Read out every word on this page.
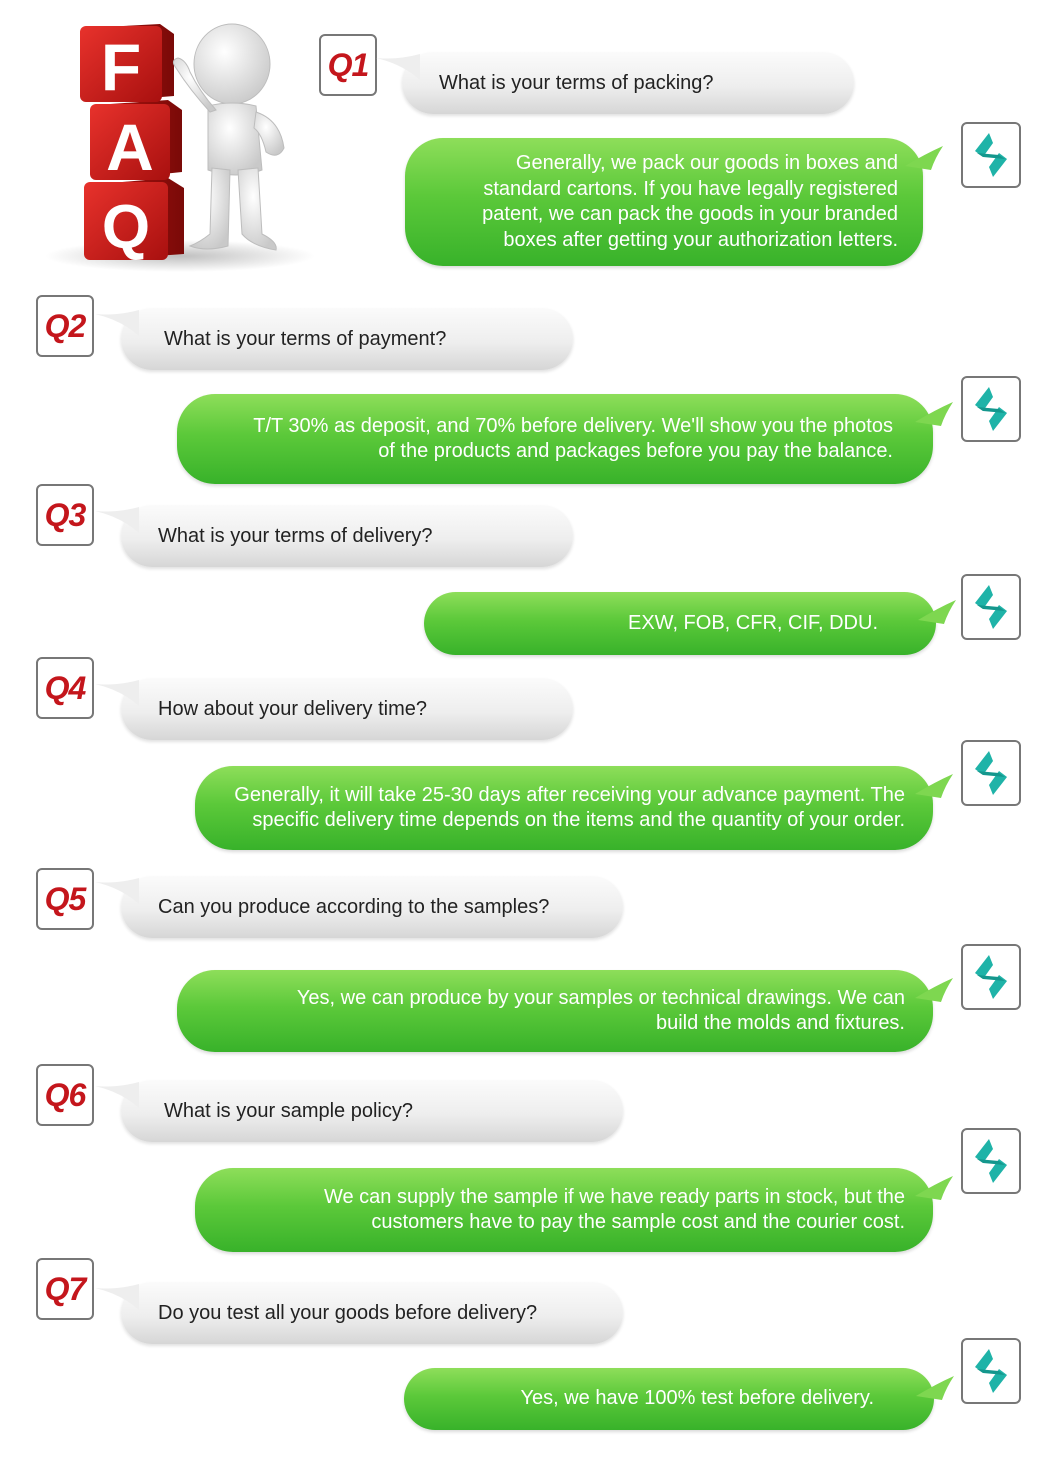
F
A
Q
Q1	What is your terms of packing?
Generally, we pack our goods in boxes and
standard cartons. If you have legally registered
patent, we can pack the goods in your branded
boxes after getting your authorization letters.
Q2	What is your terms of payment?
T/T 30% as deposit, and 70% before delivery. We'll show you the photos
of the products and packages before you pay the balance.
Q3
What is your terms of delivery?
EXW, FOB, CFR, CIF, DDU.
Q4
How about your delivery time?
Generally, it will take 25-30 days after receiving your advance payment. The
specific delivery time depends on the items and the quantity of your order.
Q5	Can you produce according to the samples?
Yes, we can produce by your samples or technical drawings. We can
build the molds and fixtures.
Q6	What is your sample policy?
We can supply the sample if we have ready parts in stock, but the
customers have to pay the sample cost and the courier cost.
Q7
Do you test all your goods before delivery?
Yes, we have 100% test before delivery.
